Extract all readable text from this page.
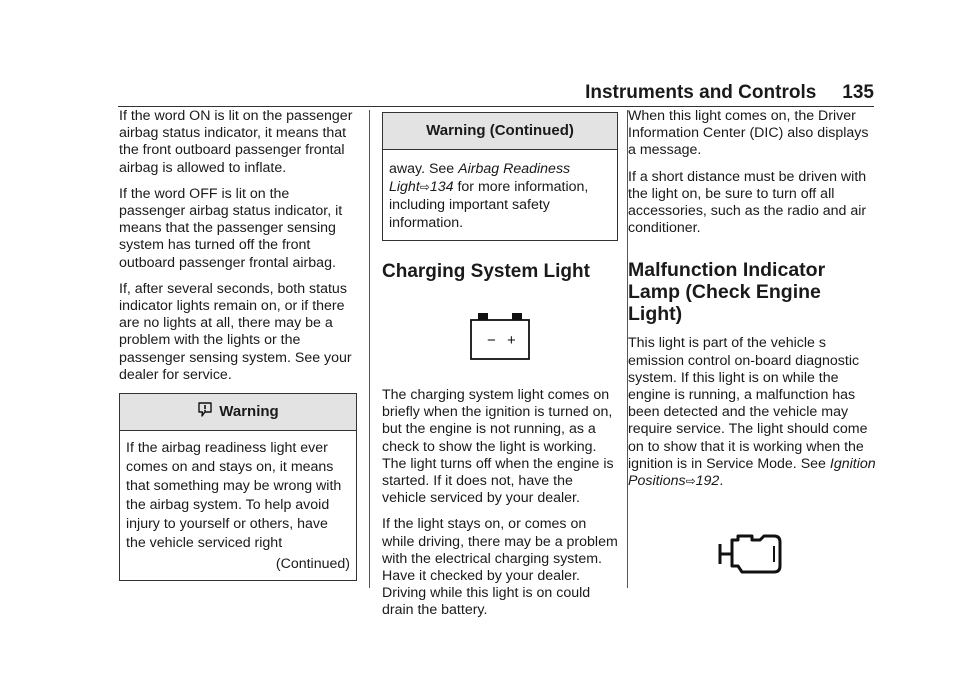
Instruments and Controls 135

If the word ON is lit on the passenger airbag status indicator, it means that the front outboard passenger frontal airbag is allowed to inflate.

If the word OFF is lit on the passenger airbag status indicator, it means that the passenger sensing system has turned off the front outboard passenger frontal airbag.

If, after several seconds, both status indicator lights remain on, or if there are no lights at all, there may be a problem with the lights or the passenger sensing system. See your dealer for service.

Warning
If the airbag readiness light ever comes on and stays on, it means that something may be wrong with the airbag system. To help avoid injury to yourself or others, have the vehicle serviced right
(Continued)
Warning (Continued)
away. See Airbag Readiness Light⇨134 for more information, including important safety information.
Charging System Light
− +

The charging system light comes on briefly when the ignition is turned on, but the engine is not running, as a check to show the light is working. The light turns off when the engine is started. If it does not, have the vehicle serviced by your dealer.

If the light stays on, or comes on while driving, there may be a problem with the electrical charging system. Have it checked by your dealer. Driving while this light is on could drain the battery.

When this light comes on, the Driver Information Center (DIC) also displays a message.

If a short distance must be driven with the light on, be sure to turn off all accessories, such as the radio and air conditioner.

Malfunction Indicator Lamp (Check Engine Light)

This light is part of the vehicle s emission control on-board diagnostic system. If this light is on while the engine is running, a malfunction has been detected and the vehicle may require service. The light should come on to show that it is working when the ignition is in Service Mode. See Ignition Positions⇨192.
